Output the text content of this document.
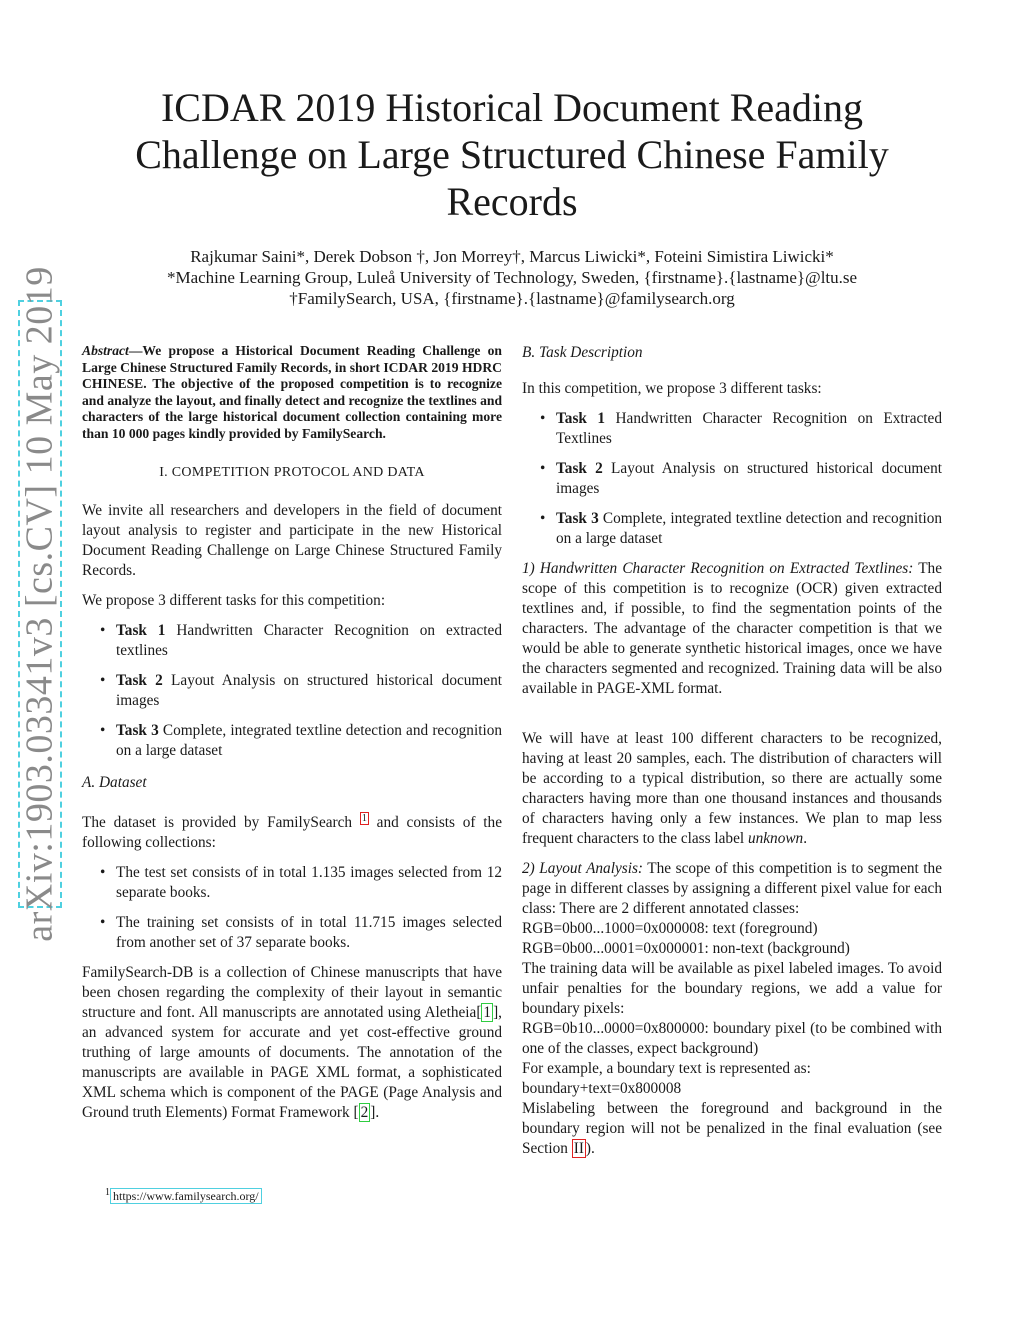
arXiv:1903.03341v3 [cs.CV] 10 May 2019
ICDAR 2019 Historical Document Reading
Challenge on Large Structured Chinese Family
Records
Rajkumar Saini*, Derek Dobson †, Jon Morrey†, Marcus Liwicki*, Foteini Simistira Liwicki*
*Machine Learning Group, Luleå University of Technology, Sweden, {firstname}.{lastname}@ltu.se
†FamilySearch, USA, {firstname}.{lastname}@familysearch.org

Abstract—We propose a Historical Document Reading Challenge on Large Chinese Structured Family Records, in short ICDAR 2019 HDRC CHINESE. The objective of the proposed competition is to recognize and analyze the layout, and finally detect and recognize the textlines and characters of the large historical document collection containing more than 10 000 pages kindly provided by FamilySearch.

I. COMPETITION PROTOCOL AND DATA

We invite all researchers and developers in the field of document layout analysis to register and participate in the new Historical Document Reading Challenge on Large Chinese Structured Family Records.

We propose 3 different tasks for this competition:

• Task 1 Handwritten Character Recognition on extracted textlines
• Task 2 Layout Analysis on structured historical document images
• Task 3 Complete, integrated textline detection and recognition on a large dataset

A. Dataset

The dataset is provided by FamilySearch $^1$ and consists of the following collections:

• The test set consists of in total 1.135 images selected from 12 separate books.
• The training set consists of in total 11.715 images selected from another set of 37 separate books.

FamilySearch-DB is a collection of Chinese manuscripts that have been chosen regarding the complexity of their layout in semantic structure and font. All manuscripts are annotated using Aletheia[ 1 ], an advanced system for accurate and yet cost-effective ground truthing of large amounts of documents. The annotation of the manuscripts are available in PAGE XML format, a sophisticated XML schema which is component of the PAGE (Page Analysis and Ground truth Elements) Format Framework [ 2 ].

$^1$ https://www.familysearch.org/

B. Task Description

In this competition, we propose 3 different tasks:

• Task 1 Handwritten Character Recognition on Extracted Textlines
• Task 2 Layout Analysis on structured historical document images
• Task 3 Complete, integrated textline detection and recognition on a large dataset

1) Handwritten Character Recognition on Extracted Textlines: The scope of this competition is to recognize (OCR) given extracted textlines and, if possible, to find the segmentation points of the characters. The advantage of the character competition is that we would be able to generate synthetic historical images, once we have the characters segmented and recognized. Training data will be also available in PAGE-XML format.

We will have at least 100 different characters to be recognized, having at least 20 samples, each. The distribution of characters will be according to a typical distribution, so there are actually some characters having more than one thousand instances and thousands of characters having only a few instances. We plan to map less frequent characters to the class label unknown.

2) Layout Analysis: The scope of this competition is to segment the page in different classes by assigning a different pixel value for each class: There are 2 different annotated classes:

RGB=0b00...1000=0x000008: text (foreground)

RGB=0b00...0001=0x000001: non-text (background)

The training data will be available as pixel labeled images. To avoid unfair penalties for the boundary regions, we add a value for boundary pixels:

RGB=0b10...0000=0x800000: boundary pixel (to be combined with one of the classes, expect background)

For example, a boundary text is represented as:

boundary+text=0x800008

Mislabeling between the foreground and background in the boundary region will not be penalized in the final evaluation (see Section II ).
